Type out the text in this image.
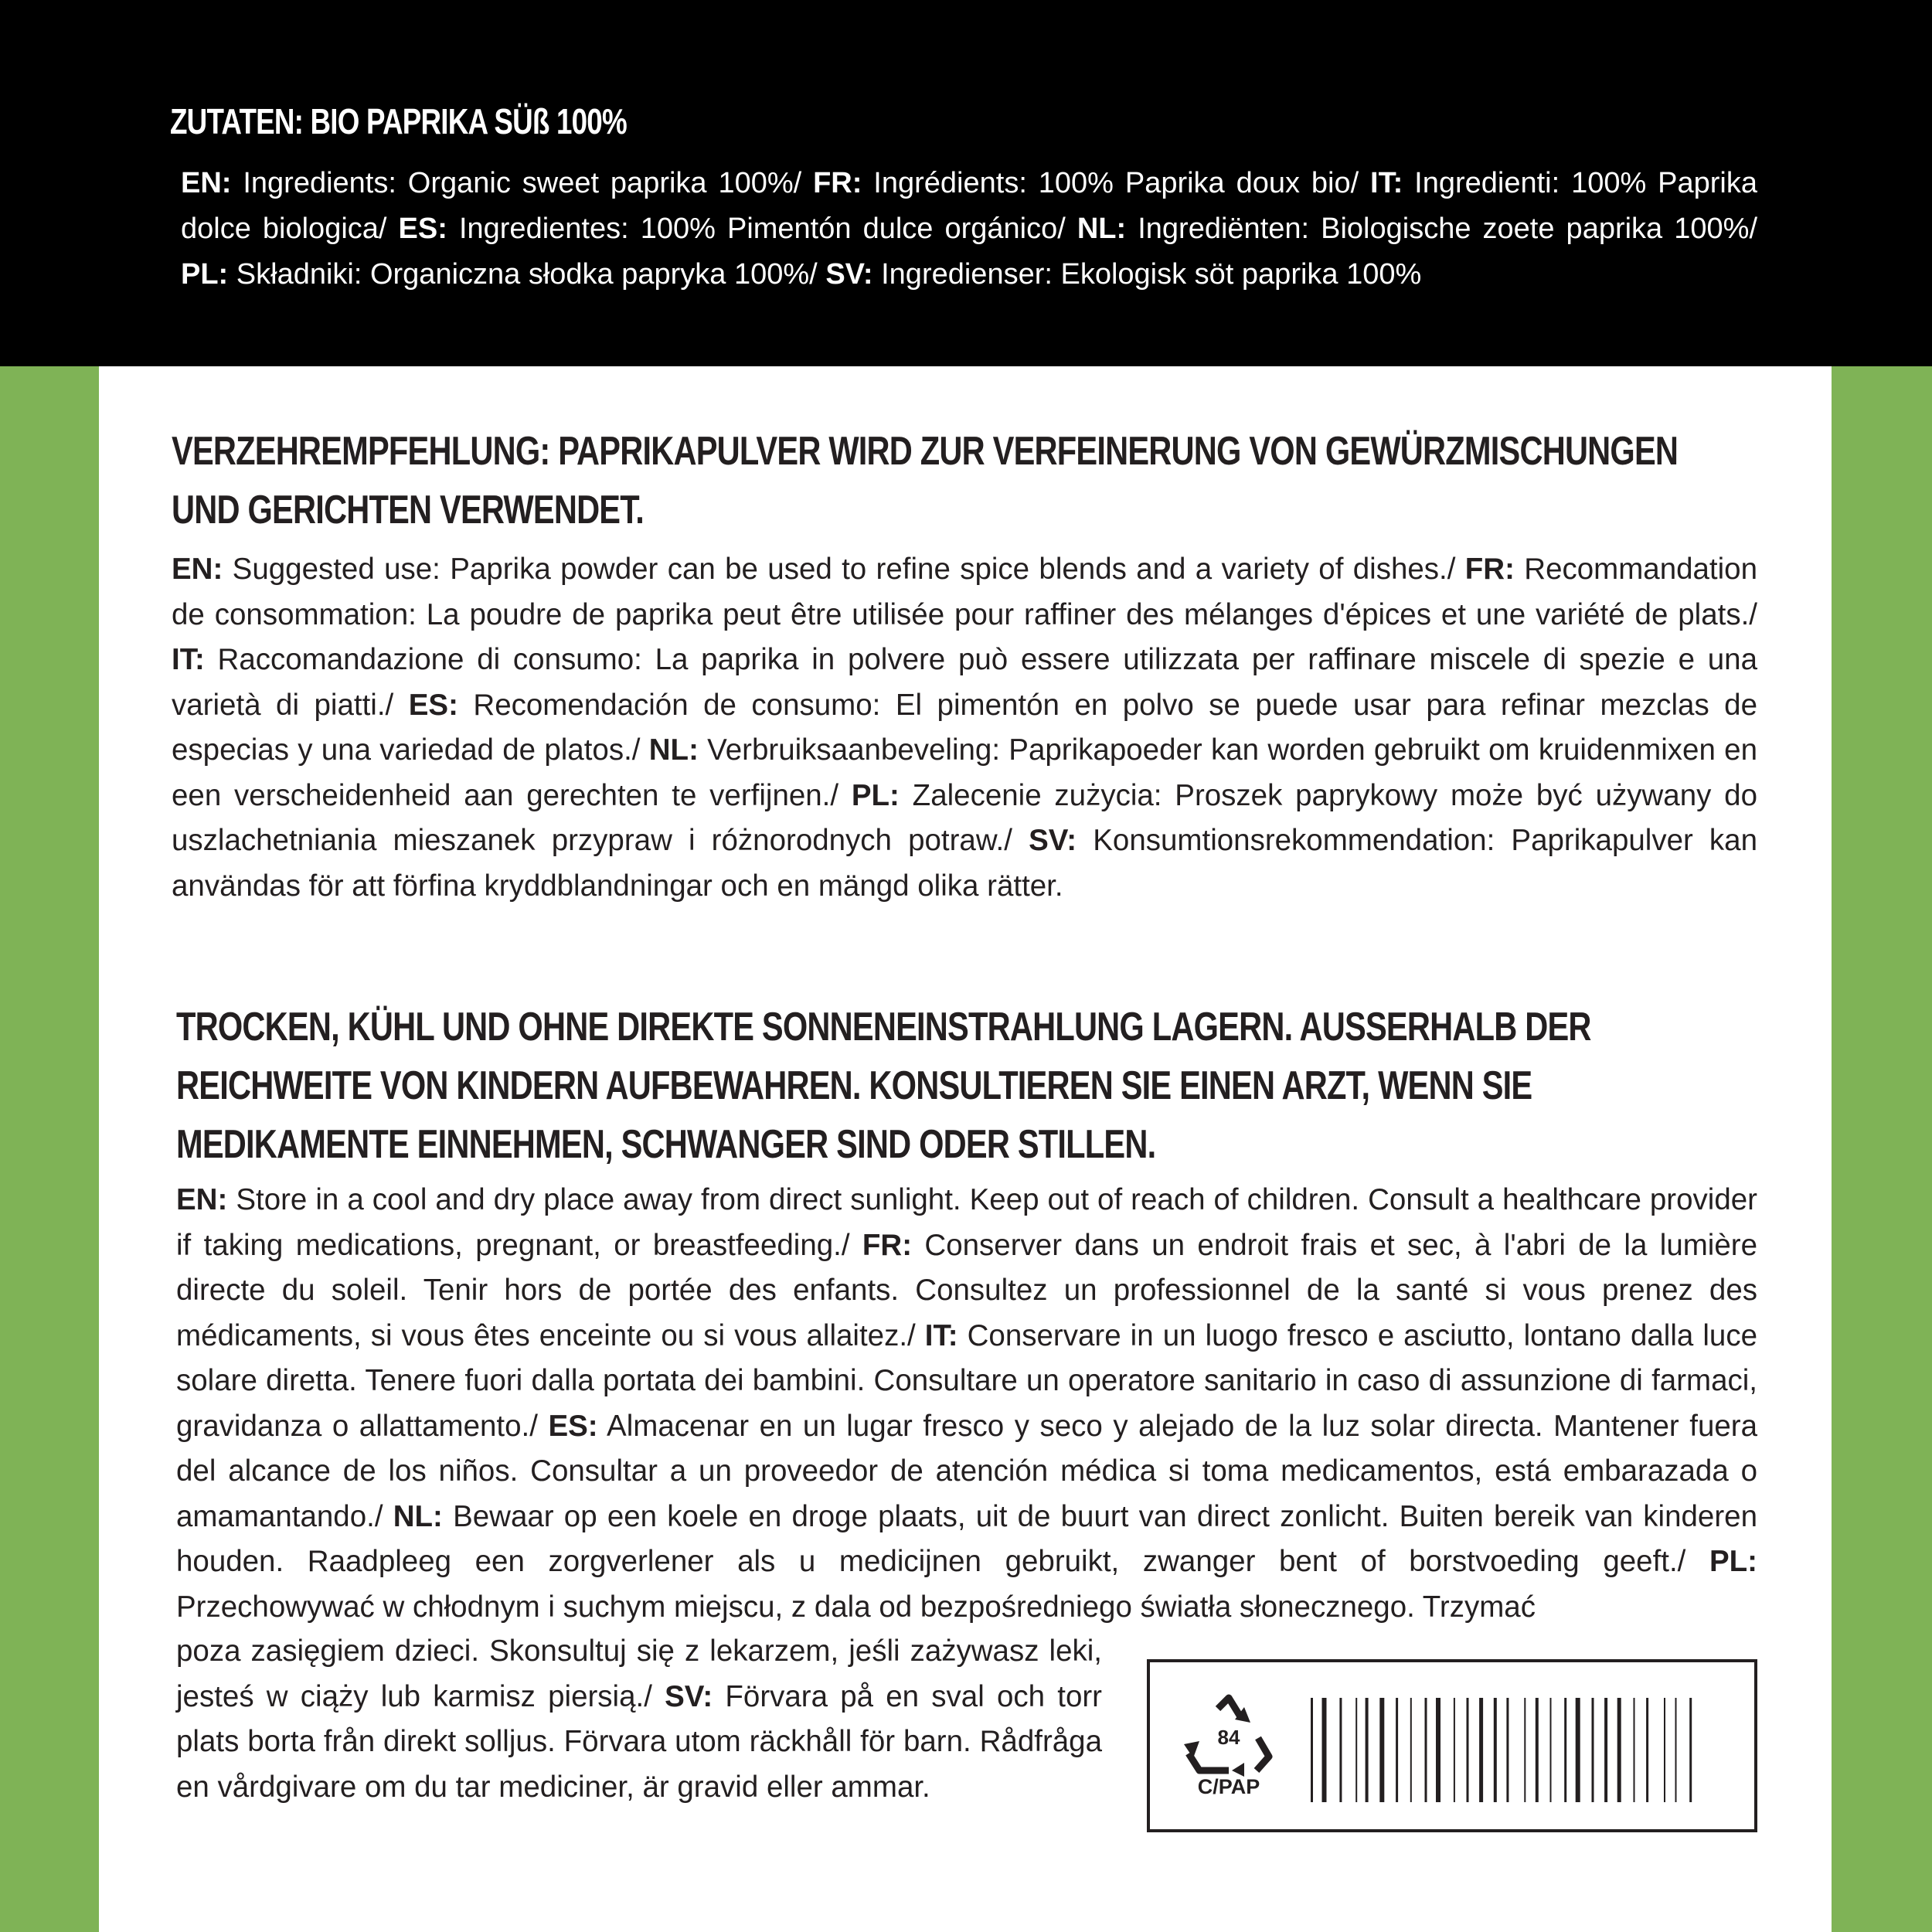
ZUTATEN: BIO PAPRIKA SÜß 100%
EN: Ingredients: Organic sweet paprika 100%/ FR: Ingrédients: 100% Paprika doux bio/ IT: Ingredienti: 100% Paprika dolce biologica/ ES: Ingredientes: 100% Pimentón dulce orgánico/ NL: Ingrediënten: Biologische zoete paprika 100%/ PL: Składniki: Organiczna słodka papryka 100%/ SV: Ingredienser: Ekologisk söt paprika 100%
VERZEHREMPFEHLUNG: PAPRIKAPULVER WIRD ZUR VERFEINERUNG VON GEWÜRZMISCHUNGEN UND GERICHTEN VERWENDET.
EN: Suggested use: Paprika powder can be used to refine spice blends and a variety of dishes./ FR: Recommandation de consommation: La poudre de paprika peut être utilisée pour raffiner des mélanges d'épices et une variété de plats./ IT: Raccomandazione di consumo: La paprika in polvere può essere utilizzata per raffinare miscele di spezie e una varietà di piatti./ ES: Recomendación de consumo: El pimentón en polvo se puede usar para refinar mezclas de especias y una variedad de platos./ NL: Verbruiksaanbeveling: Paprikapoeder kan worden gebruikt om kruidenmixen en een verscheidenheid aan gerechten te verfijnen./ PL: Zalecenie zużycia: Proszek paprykowy może być używany do uszlachetniania mieszanek przypraw i różnorodnych potraw./ SV: Konsumtionsrekommendation: Paprikapulver kan användas för att förfina kryddblandningar och en mängd olika rätter.
TROCKEN, KÜHL UND OHNE DIREKTE SONNENEINSTRAHLUNG LAGERN. AUSSERHALB DER REICHWEITE VON KINDERN AUFBEWAHREN. KONSULTIEREN SIE EINEN ARZT, WENN SIE MEDIKAMENTE EINNEHMEN, SCHWANGER SIND ODER STILLEN.
EN: Store in a cool and dry place away from direct sunlight. Keep out of reach of children. Consult a healthcare provider if taking medications, pregnant, or breastfeeding./ FR: Conserver dans un endroit frais et sec, à l'abri de la lumière directe du soleil. Tenir hors de portée des enfants. Consultez un professionnel de la santé si vous prenez des médicaments, si vous êtes enceinte ou si vous allaitez./ IT: Conservare in un luogo fresco e asciutto, lontano dalla luce solare diretta. Tenere fuori dalla portata dei bambini. Consultare un operatore sanitario in caso di assunzione di farmaci, gravidanza o allattamento./ ES: Almacenar en un lugar fresco y seco y alejado de la luz solar directa. Mantener fuera del alcance de los niños. Consultar a un proveedor de atención médica si toma medicamentos, está embarazada o amamantando./ NL: Bewaar op een koele en droge plaats, uit de buurt van direct zonlicht. Buiten bereik van kinderen houden. Raadpleeg een zorgverlener als u medicijnen gebruikt, zwanger bent of borstvoeding geeft./ PL: Przechowywać w chłodnym i suchym miejscu, z dala od bezpośredniego światła słonecznego. Trzymać
poza zasięgiem dzieci. Skonsultuj się z lekarzem, jeśli zażywasz leki, jesteś w ciąży lub karmisz piersią./ SV: Förvara på en sval och torr plats borta från direkt solljus. Förvara utom räckhåll för barn. Rådfråga en vårdgivare om du tar mediciner, är gravid eller ammar.
84
C/PAP
